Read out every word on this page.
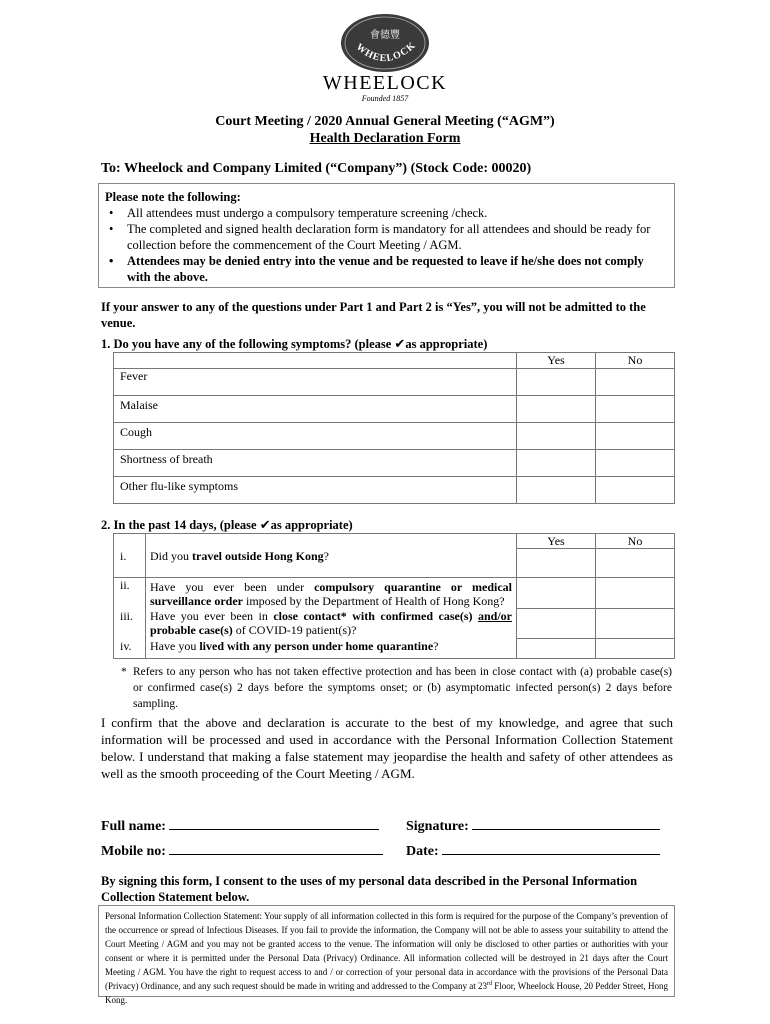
會德豐
WHEELOCK
WHEELOCK
Founded 1857
Court Meeting / 2020 Annual General Meeting (“AGM”)
Health Declaration Form
To: Wheelock and Company Limited (“Company”) (Stock Code: 00020)
Please note the following:
• All attendees must undergo a compulsory temperature screening /check.
• The completed and signed health declaration form is mandatory for all attendees and should be ready for collection before the commencement of the Court Meeting / AGM.
• Attendees may be denied entry into the venue and be requested to leave if he/she does not comply with the above.
If your answer to any of the questions under Part 1 and Part 2 is “Yes”, you will not be admitted to the venue.
1. Do you have any of the following symptoms? (please ✔as appropriate)
	Yes	No
Fever		
Malaise		
Cough		
Shortness of breath		
Other flu-like symptoms		
2. In the past 14 days, (please ✔as appropriate)
		Yes	No
i.	Did you travel outside Hong Kong?		
ii.	Have you ever been under compulsory quarantine or medical surveillance order imposed by the Department of Health of Hong Kong?		
iii.	Have you ever been in close contact* with confirmed case(s) and/or probable case(s) of COVID-19 patient(s)?		
iv.	Have you lived with any person under home quarantine?		
* Refers to any person who has not taken effective protection and has been in close contact with (a) probable case(s) or confirmed case(s) 2 days before the symptoms onset; or (b) asymptomatic infected person(s) 2 days before sampling.
I confirm that the above and declaration is accurate to the best of my knowledge, and agree that such information will be processed and used in accordance with the Personal Information Collection Statement below. I understand that making a false statement may jeopardise the health and safety of other attendees as well as the smooth proceeding of the Court Meeting / AGM.
Full name:	Signature:
Mobile no:	Date:
By signing this form, I consent to the uses of my personal data described in the Personal Information Collection Statement below.
Personal Information Collection Statement: Your supply of all information collected in this form is required for the purpose of the Company’s prevention of the occurrence or spread of Infectious Diseases. If you fail to provide the information, the Company will not be able to assess your suitability to attend the Court Meeting / AGM and you may not be granted access to the venue. The information will only be disclosed to other parties or authorities with your consent or where it is permitted under the Personal Data (Privacy) Ordinance. All information collected will be destroyed in 21 days after the Court Meeting / AGM. You have the right to request access to and / or correction of your personal data in accordance with the provisions of the Personal Data (Privacy) Ordinance, and any such request should be made in writing and addressed to the Company at 23rd Floor, Wheelock House, 20 Pedder Street, Hong Kong.
